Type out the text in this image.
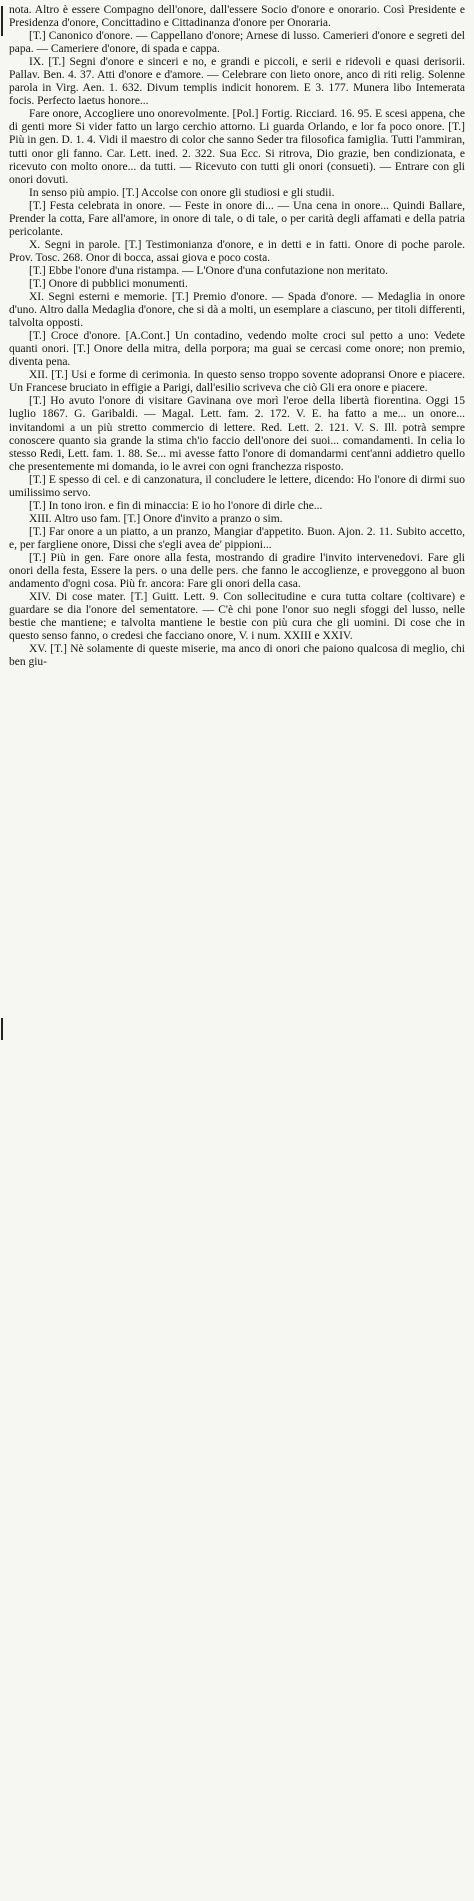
nota. Altro è essere Compagno dell'onore, dall'essere Socio d'onore e onorario. Così Presidente e Presidenza d'onore, Concittadino e Cittadinanza d'onore per Onoraria.

[T.] Canonico d'onore. — Cappellano d'onore; Arnese di lusso. Camerieri d'onore e segreti del papa. — Cameriere d'onore, di spada e cappa.

IX. [T.] Segni d'onore e sinceri e no, e grandi e piccoli, e serii e ridevoli e quasi derisorii. Pallav. Ben. 4. 37. Atti d'onore e d'amore. — Celebrare con lieto onore, anco di riti relig. Solenne parola in Virg. Aen. 1. 632. Divum templis indicit honorem. E 3. 177. Munera libo Intemerata focis. Perfecto laetus honore...

Fare onore, Accogliere uno onorevolmente. [Pol.] Fortig. Ricciard. 16. 95. E scesi appena, che di genti more Si vider fatto un largo cerchio attorno. Li guarda Orlando, e lor fa poco onore. [T.] Più in gen. D. 1. 4. Vidi il maestro di color che sanno Seder tra filosofica famiglia. Tutti l'ammiran, tutti onor gli fanno. Car. Lett. ined. 2. 322. Sua Ecc. Si ritrova, Dio grazie, ben condizionata, e ricevuto con molto onore... da tutti. — Ricevuto con tutti gli onori (consueti). — Entrare con gli onori dovuti.

In senso più ampio. [T.] Accolse con onore gli studiosi e gli studii.

[T.] Festa celebrata in onore. — Feste in onore di... — Una cena in onore... Quindi Ballare, Prender la cotta, Fare all'amore, in onore di tale, o di tale, o per carità degli affamati e della patria pericolante.

X. Segni in parole. [T.] Testimonianza d'onore, e in detti e in fatti. Onore di poche parole. Prov. Tosc. 268. Onor di bocca, assai giova e poco costa.

[T.] Ebbe l'onore d'una ristampa. — L'Onore d'una confutazione non meritato.

[T.] Onore di pubblici monumenti.

XI. Segni esterni e memorie. [T.] Premio d'onore. — Spada d'onore. — Medaglia in onore d'uno. Altro dalla Medaglia d'onore, che si dà a molti, un esemplare a ciascuno, per titoli differenti, talvolta opposti.

[T.] Croce d'onore. [A.Cont.] Un contadino, vedendo molte croci sul petto a uno: Vedete quanti onori. [T.] Onore della mitra, della porpora; ma guai se cercasi come onore; non premio, diventa pena.

XII. [T.] Usi e forme di cerimonia. In questo senso troppo sovente adopransi Onore e piacere. Un Francese bruciato in effigie a Parigi, dall'esilio scriveva che ciò Gli era onore e piacere.

[T.] Ho avuto l'onore di visitare Gavinana ove morì l'eroe della libertà fiorentina. Oggi 15 luglio 1867. G. Garibaldi. — Magal. Lett. fam. 2. 172. V. E. ha fatto a me... un onore... invitandomi a un più stretto commercio di lettere. Red. Lett. 2. 121. V. S. Ill. potrà sempre conoscere quanto sia grande la stima ch'io faccio dell'onore dei suoi... comandamenti. In celia lo stesso Redi, Lett. fam. 1. 88. Se... mi avesse fatto l'onore di domandarmi cent'anni addietro quello che presentemente mi domanda, io le avrei con ogni franchezza risposto.

[T.] E spesso di cel. e di canzonatura, il concludere le lettere, dicendo: Ho l'onore di dirmi suo umilissimo servo.

[T.] In tono iron. e fin di minaccia: E io ho l'onore di dirle che...

XIII. Altro uso fam. [T.] Onore d'invito a pranzo o sim.

[T.] Far onore a un piatto, a un pranzo, Mangiar d'appetito. Buon. Ajon. 2. 11. Subito accetto, e, per fargliene onore, Dissi che s'egli avea de' pippioni...

[T.] Più in gen. Fare onore alla festa, mostrando di gradire l'invito intervenedovi. Fare gli onori della festa, Essere la pers. o una delle pers. che fanno le accoglienze, e proveggono al buon andamento d'ogni cosa. Più fr. ancora: Fare gli onori della casa.

XIV. Di cose mater. [T.] Guitt. Lett. 9. Con sollecitudine e cura tutta coltare (coltivare) e guardare se dia l'onore del sementatore. — C'è chi pone l'onor suo negli sfoggi del lusso, nelle bestie che mantiene; e talvolta mantiene le bestie con più cura che gli uomini. Di cose che in questo senso fanno, o credesi che facciano onore, V. i num. XXIII e XXIV.

XV. [T.] Nè solamente di queste miserie, ma anco di onori che paiono qualcosa di meglio, chi ben giu-
